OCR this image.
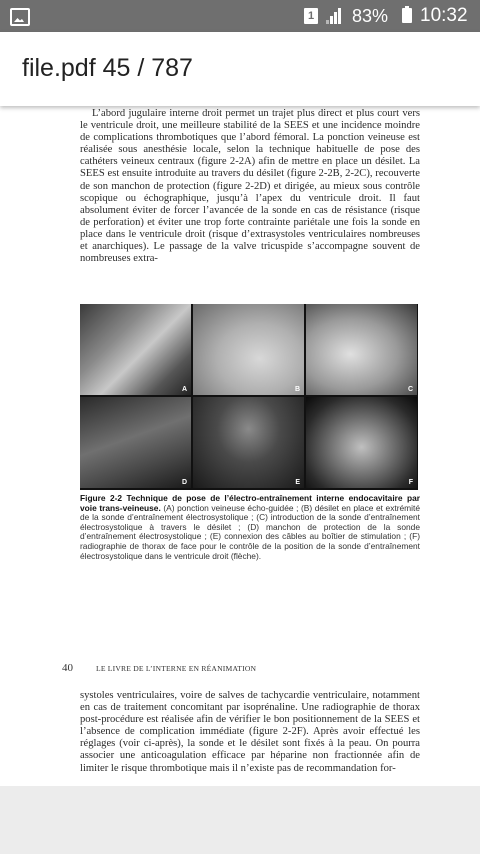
1 83% 10:32
file.pdf 45 / 787
L’abord jugulaire interne droit permet un trajet plus direct et plus court vers le ventricule droit, une meilleure stabilité de la SEES et une incidence moindre de complications thrombotiques que l’abord fémoral. La ponction veineuse est réalisée sous anesthésie locale, selon la technique habituelle de pose des cathéters veineux centraux (figure 2-2A) afin de mettre en place un désilet. La SEES est ensuite introduite au travers du désilet (figure 2-2B, 2-2C), recouverte de son manchon de protection (figure 2-2D) et dirigée, au mieux sous contrôle scopique ou échographique, jusqu’à l’apex du ventricule droit. Il faut absolument éviter de forcer l’avancée de la sonde en cas de résistance (risque de perforation) et éviter une trop forte contrainte pariétale une fois la sonde en place dans le ventricule droit (risque d’extrasystoles ventriculaires nombreuses et anarchiques). Le passage de la valve tricuspide s’accompagne souvent de nombreuses extra-
A	B	C
D	E	F
Figure 2-2 Technique de pose de l’électro-entraînement interne endocavitaire par voie trans-veineuse. (A) ponction veineuse écho-guidée ; (B) désilet en place et extrémité de la sonde d’entraînement électrosystolique ; (C) introduction de la sonde d’entraînement électrosystolique à travers le désilet ; (D) manchon de protection de la sonde d’entraînement électrosystolique ; (E) connexion des câbles au boîtier de stimulation ; (F) radiographie de thorax de face pour le contrôle de la position de la sonde d’entraînement électrosystolique dans le ventricule droit (flèche).
40	LE LIVRE DE L’INTERNE EN RÉANIMATION
systoles ventriculaires, voire de salves de tachycardie ventriculaire, notamment en cas de traitement concomitant par isoprénaline. Une radiographie de thorax post-procédure est réalisée afin de vérifier le bon positionnement de la SEES et l’absence de complication immédiate (figure 2-2F). Après avoir effectué les réglages (voir ci-après), la sonde et le désilet sont fixés à la peau. On pourra associer une anticoagulation efficace par héparine non fractionnée afin de limiter le risque thrombotique mais il n’existe pas de recommandation for-
